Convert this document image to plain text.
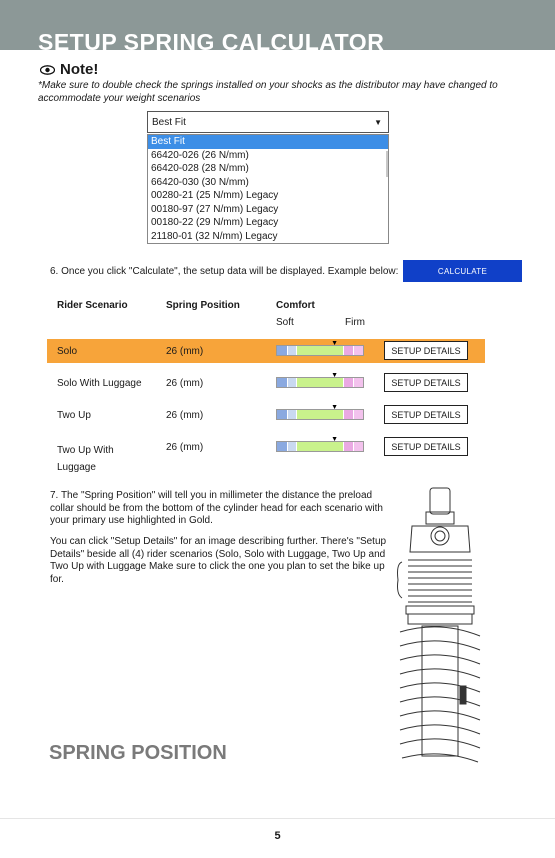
SETUP SPRING CALCULATOR
Note!
*Make sure to double check the springs installed on your shocks as the distributor may have changed to accommodate your weight scenarios
Best Fit	▼
Best Fit
66420-026 (26 N/mm)
66420-028 (28 N/mm)
66420-030 (30 N/mm)
00280-21 (25 N/mm) Legacy
00180-97 (27 N/mm) Legacy
00180-22 (29 N/mm) Legacy
21180-01 (32 N/mm) Legacy
6. Once you click "Calculate", the setup data will be displayed. Example below:	CALCULATE
Rider Scenario	Spring Position	Comfort
Soft	Firm
Solo	26 (mm)
▼
SETUP DETAILS
Solo With Luggage 26 (mm)
▼
SETUP DETAILS
Two Up	26 (mm)
▼
SETUP DETAILS
Two Up With Luggage
26 (mm)
▼
SETUP DETAILS
7. The "Spring Position" will tell you in millimeter the distance the preload collar should be from the bottom of the cylinder head for each scenario with your primary use highlighted in Gold.
You can click "Setup Details" for an image describing further. There's "Setup Details" beside all (4) rider scenarios (Solo, Solo with Luggage, Two Up and Two Up with Luggage Make sure to click the one you plan to set the bike up for.
SPRING POSITION
5
